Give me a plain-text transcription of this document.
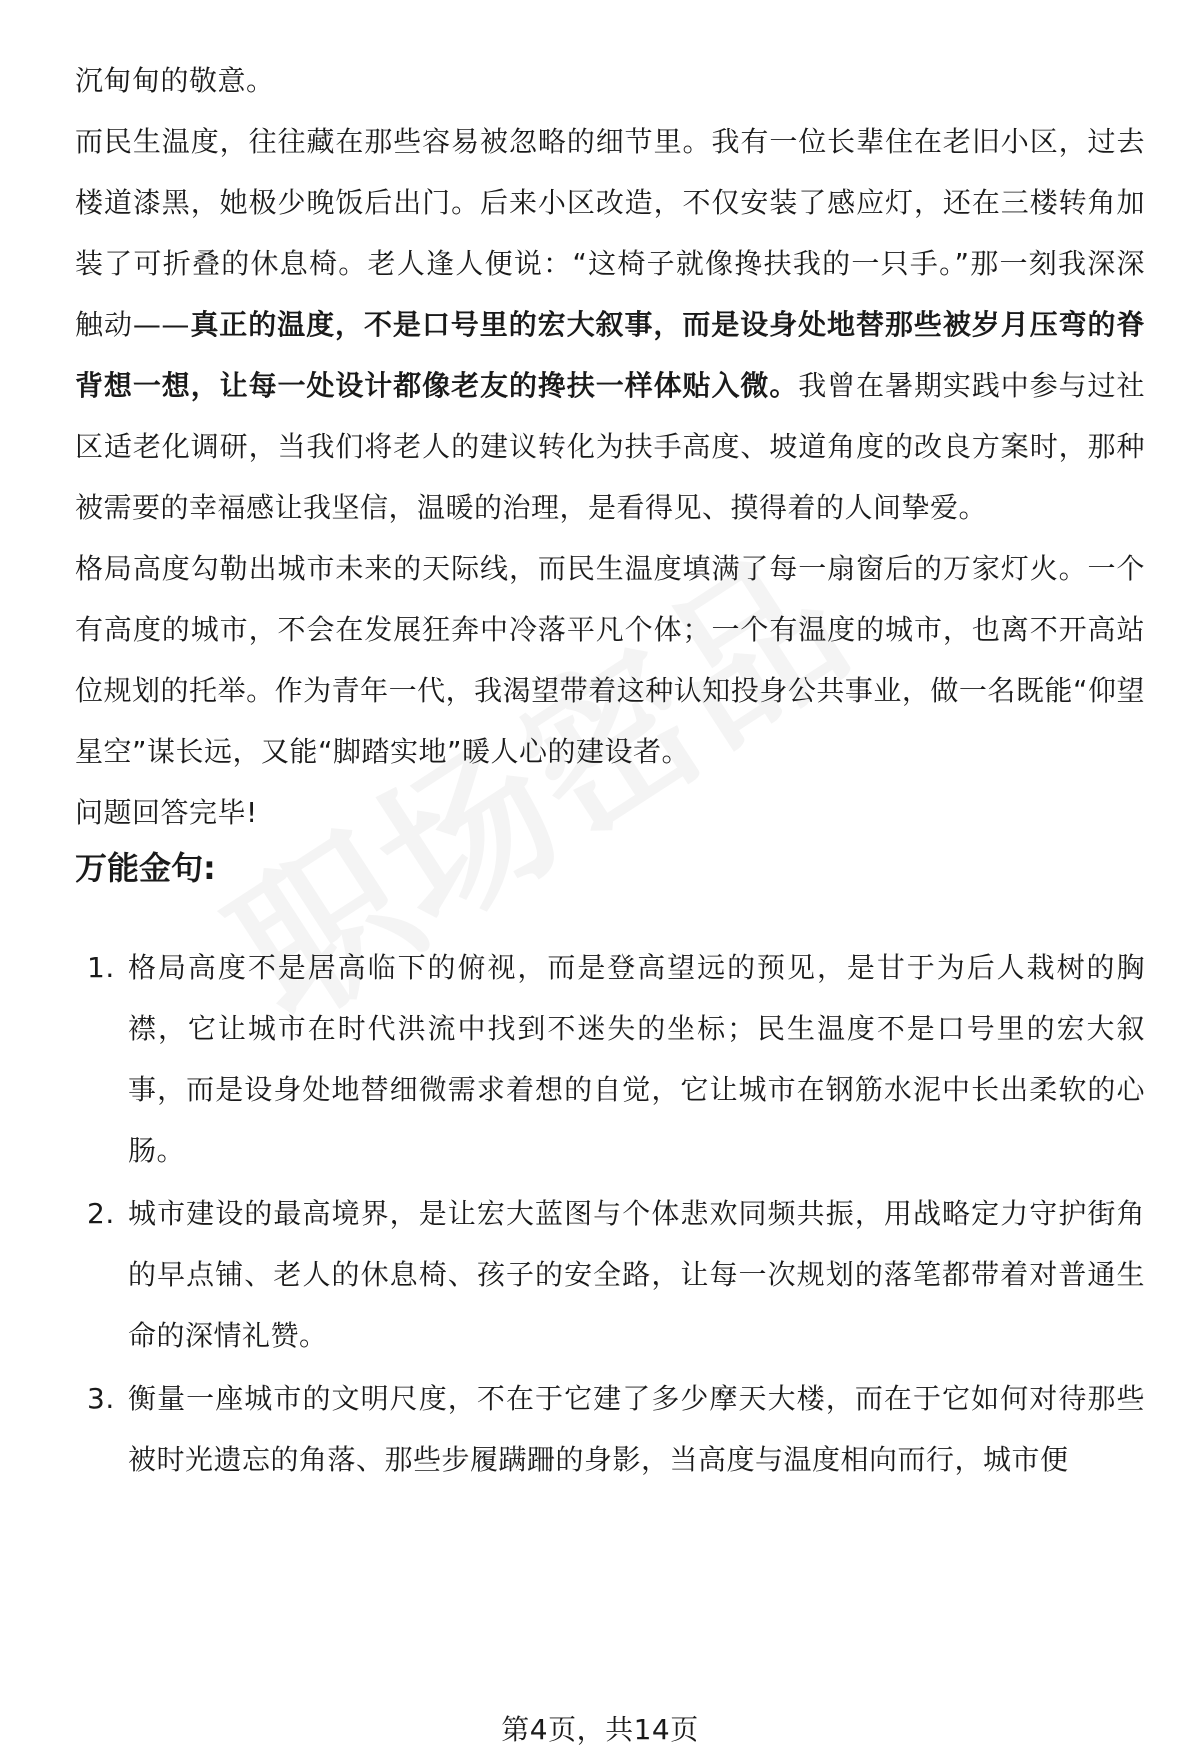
沉甸甸的敬意。

而民生温度，往往藏在那些容易被忽略的细节里。我有一位长辈住在老旧小区，过去楼道漆黑，她极少晚饭后出门。后来小区改造，不仅安装了感应灯，还在三楼转角加装了可折叠的休息椅。老人逢人便说：“这椅子就像搀扶我的一只手。”那一刻我深深触动——真正的温度，不是口号里的宏大叙事，而是设身处地替那些被岁月压弯的脊背想一想，让每一处设计都像老友的搀扶一样体贴入微。我曾在暑期实践中参与过社区适老化调研，当我们将老人的建议转化为扶手高度、坡道角度的改良方案时，那种被需要的幸福感让我坚信，温暖的治理，是看得见、摸得着的人间挚爱。

格局高度勾勒出城市未来的天际线，而民生温度填满了每一扇窗后的万家灯火。一个有高度的城市，不会在发展狂奔中冷落平凡个体；一个有温度的城市，也离不开高站位规划的托举。作为青年一代，我渴望带着这种认知投身公共事业，做一名既能“仰望星空”谋长远，又能“脚踏实地”暖人心的建设者。

问题回答完毕!

万能金句:
1. 格局高度不是居高临下的俯视，而是登高望远的预见，是甘于为后人栽树的胸襟，它让城市在时代洪流中找到不迷失的坐标；民生温度不是口号里的宏大叙事，而是设身处地替细微需求着想的自觉，它让城市在钢筋水泥中长出柔软的心肠。
2. 城市建设的最高境界，是让宏大蓝图与个体悲欢同频共振，用战略定力守护街角的早点铺、老人的休息椅、孩子的安全路，让每一次规划的落笔都带着对普通生命的深情礼赞。
3. 衡量一座城市的文明尺度，不在于它建了多少摩天大楼，而在于它如何对待那些被时光遗忘的角落、那些步履蹒跚的身影，当高度与温度相向而行，城市便
第4页，共14页
